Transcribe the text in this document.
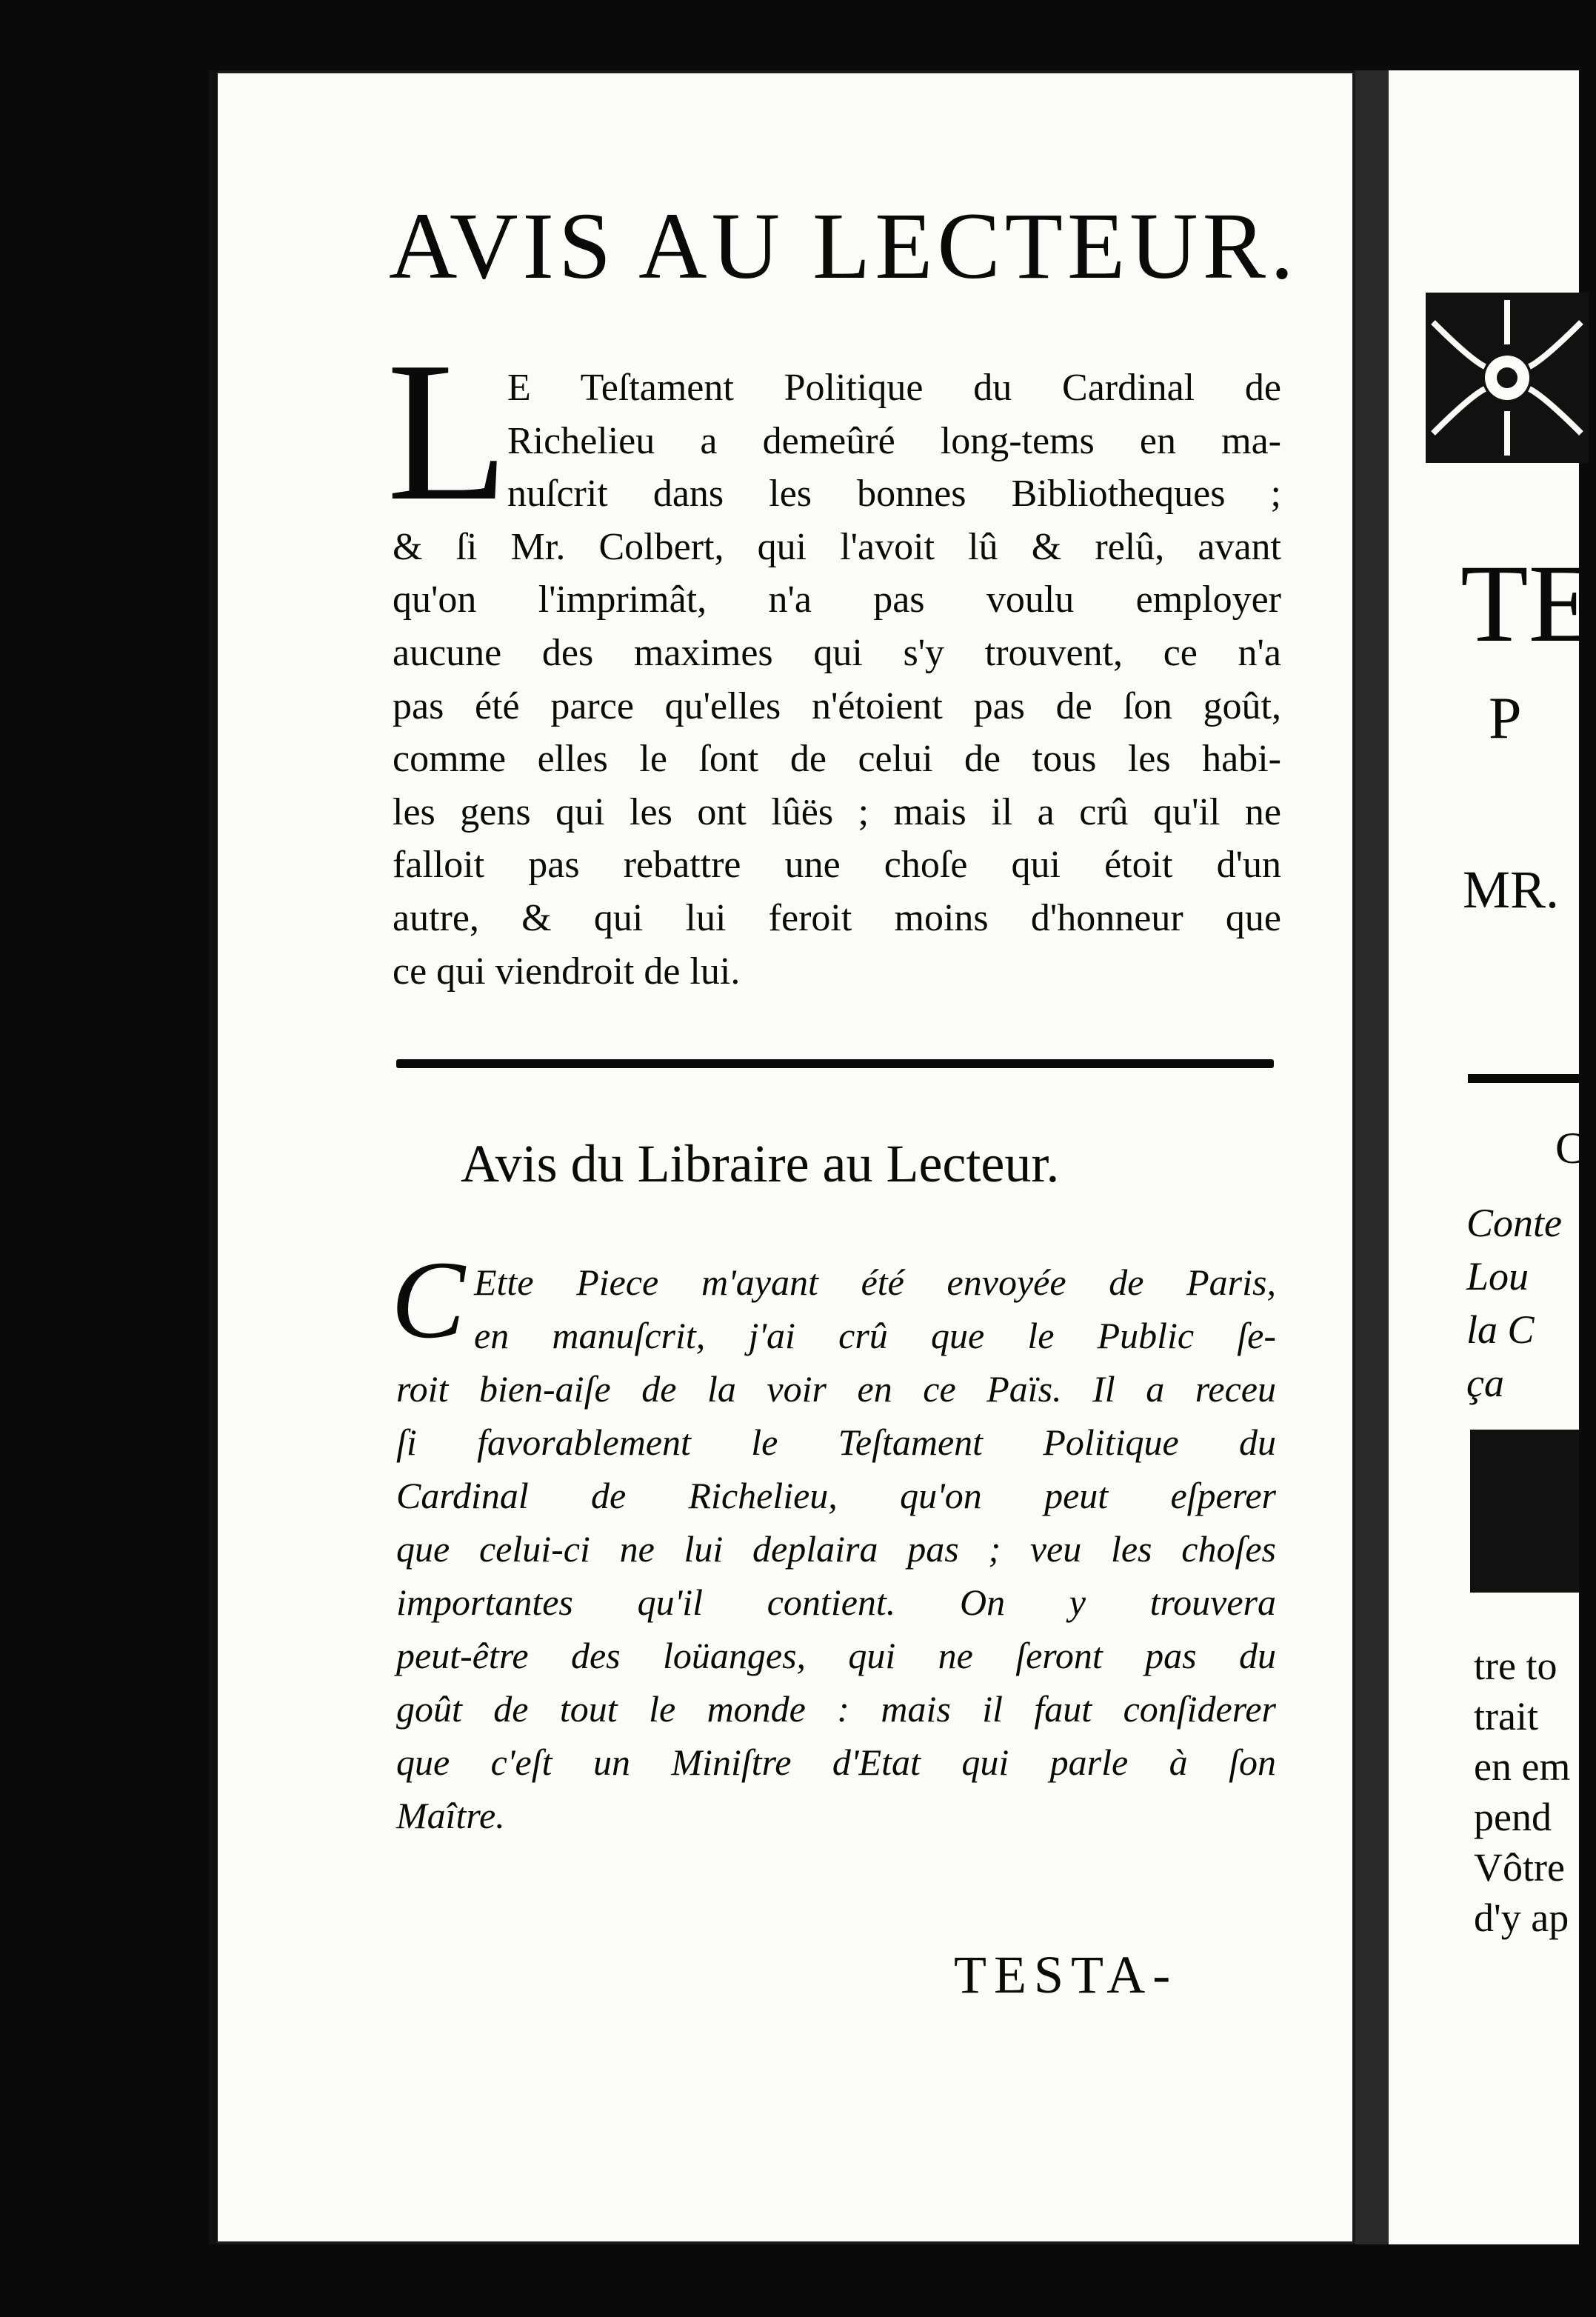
AVIS AU LECTEUR.
L
E Teſtament Politique du Cardinal de
Richelieu a demeûré long-tems en ma-
nuſcrit dans les bonnes Bibliotheques ;
& ſi Mr. Colbert, qui l'avoit lû & relû, avant
qu'on l'imprimât, n'a pas voulu employer
aucune des maximes qui s'y trouvent, ce n'a
pas été parce qu'elles n'étoient pas de ſon goût,
comme elles le ſont de celui de tous les habi-
les gens qui les ont lûës ; mais il a crû qu'il ne
falloit pas rebattre une choſe qui étoit d'un
autre, & qui lui feroit moins d'honneur que
ce qui viendroit de lui.
Avis du Libraire au Lecteur.
C Ette Piece m'ayant été envoyée de Paris,
en manuſcrit, j'ai crû que le Public ſe-
roit bien-aiſe de la voir en ce Païs. Il a receu
ſi favorablement le Teſtament Politique du
Cardinal de Richelieu, qu'on peut eſperer
que celui-ci ne lui deplaira pas ; veu les choſes
importantes qu'il contient. On y trouvera
peut-être des loüanges, qui ne ſeront pas du
goût de tout le monde : mais il faut conſiderer
que c'eſt un Miniſtre d'Etat qui parle à ſon
Maître.
TESTA-
TE
P
MR.
C
Conte
Lou
la C
ça
tre to
trait
en em
pend
Vôtre
d'y ap
